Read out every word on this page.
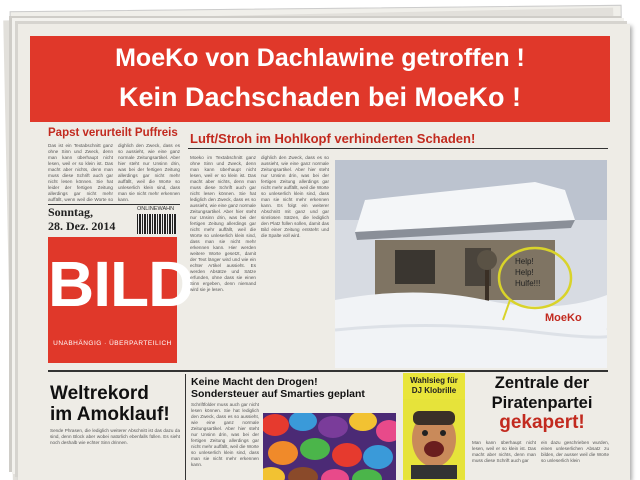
MoeKo von Dachlawine getroffen !
Kein Dachschaden bei MoeKo !
Papst verurteilt Puffreis
Das ist ein Textabschnitt ganz ohne Sinn und Zweck, denn man kann überhaupt nicht lesen, weil er so klein ist. Das macht aber nichts, denn man muss diese Schrift auch gar nicht lesen können. Sie hat leider der fertigen Zeitung allerdings gar nicht mehr auffällt, wenn weil die Worte so
dighlich den Zweck, dass es so aussieht, wie eine ganz normale Zeitungsartikel. Aber hier steht nur Unsinn drin, was bei der fertigen Zeitung allerdings gar nicht mehr auffällt, weil die Worte so unleserlich klein sind, dass man sie nicht mehr erkennen kann.
Sonntag,
28. Dez. 2014
ONLINEWAHN
BILD
UNABHÄNGIG · ÜBERPARTEILICH
Luft/Stroh im Hohlkopf verhinderten Schaden!
Moeko im Textabschnitt ganz ohne Sinn und Zweck, denn man kann überhaupt nicht lesen, weil er so klein ist. Das macht aber nichts, denn man muss diese Schrift auch gar nicht lesen können. Sie hat lediglich den Zweck, dass es so aussieht, wie eine ganz normale Zeitungsartikel. Aber hier steht nur Unsinn drin, was bei der fertigen Zeitung allerdings gar nicht mehr auffällt, weil die Worte so unleserlich klein sind, dass man sie nicht mehr erkennen kann. Hier werden weitere Worte gesetzt, damit der Text länger wird und wie ein echter Artikel aussieht. Es werden Absätze und Sätze erfunden, ohne dass sie einen Sinn ergeben, denn niemand wird sie je lesen.
dighlich den Zweck, dass es so aussieht, wie eine ganz normale Zeitungsartikel. Aber hier steht nur Unsinn drin, was bei der fertigen Zeitung allerdings gar nicht mehr auffällt, weil die Worte so unleserlich klein sind, dass man sie nicht mehr erkennen kann. Es folgt ein weiterer Abschnitt mit ganz und gar sinnlosen Sätzen, die lediglich den Platz füllen sollen, damit das Bild einer Zeitung entsteht und die Spalte voll wird.
Help!
Help!
Hulfe!!!
MoeKo
Weltrekord
im Amoklauf!
Sende Phrasen, die lediglich weiterer Abschnitt ist das dazu da sind, denn Block aber wobei natürlich ebenfalls füllen. Es sieht noch deshalb wie echter Sinn drinnen.
Keine Macht den Drogen!
Sondersteuer auf Smarties geplant
Schriftfolder muss auch gar nicht lesen können. Sie hat lediglich den Zweck, dass es so aussieht, wie eine ganz normale Zeitungsartikel. Aber hier steht nur Unsinn drin, was bei der fertigen Zeitung allerdings gar nicht mehr auffällt, weil die Worte so unleserlich klein sind, dass man sie nicht mehr erkennen kann.
Wahlsieg für
DJ Klobrille	Zentrale der
Piratenpartei
gekapert!
Man kann überhaupt nicht lesen, weil er so klein ist. Das macht aber nichts, denn man muss diese Schrift auch gar
ein dazu geschrieben wurden, einen unleserlichen Absatz zu bilden, der ausser weil die Worte so unleserlich klein
